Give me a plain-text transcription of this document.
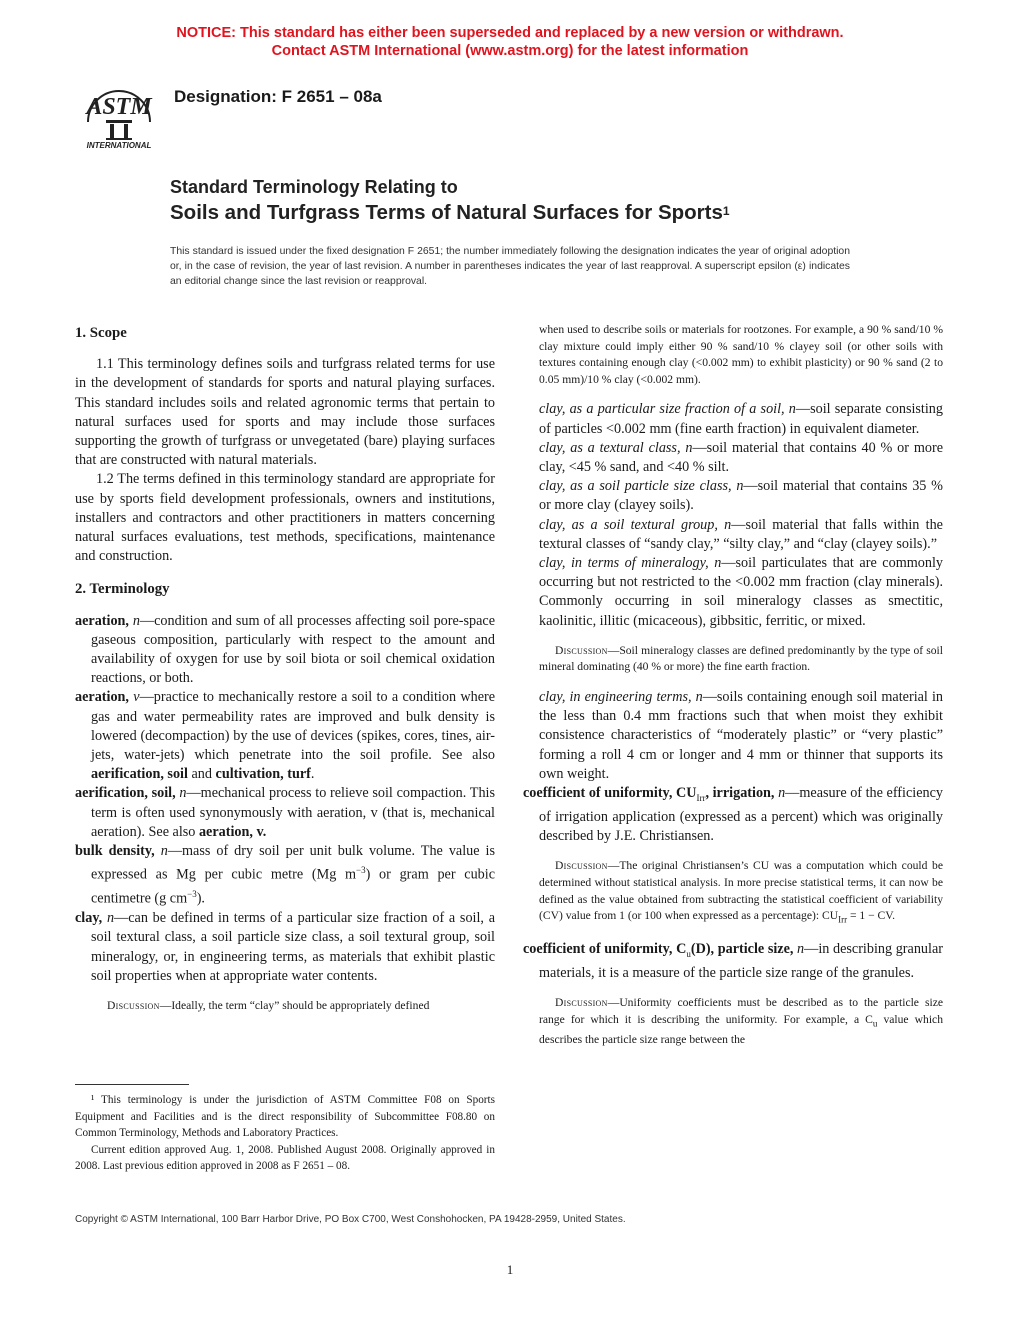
NOTICE: This standard has either been superseded and replaced by a new version or withdrawn.
Contact ASTM International (www.astm.org) for the latest information
ASTM
INTERNATIONAL
Designation: F 2651 – 08a
Standard Terminology Relating to
Soils and Turfgrass Terms of Natural Surfaces for Sports$^1$
This standard is issued under the fixed designation F 2651; the number immediately following the designation indicates the year of original adoption or, in the case of revision, the year of last revision. A number in parentheses indicates the year of last reapproval. A superscript epsilon (ε) indicates an editorial change since the last revision or reapproval.
1. Scope

1.1 This terminology defines soils and turfgrass related terms for use in the development of standards for sports and natural playing surfaces. This standard includes soils and related agronomic terms that pertain to natural surfaces used for sports and may include those surfaces supporting the growth of turfgrass or unvegetated (bare) playing surfaces that are constructed with natural materials.

1.2 The terms defined in this terminology standard are appropriate for use by sports field development professionals, owners and institutions, installers and contractors and other practitioners in matters concerning natural surfaces evaluations, test methods, specifications, maintenance and construction.

2. Terminology

aeration, n—condition and sum of all processes affecting soil pore-space gaseous composition, particularly with respect to the amount and availability of oxygen for use by soil biota or soil chemical oxidation reactions, or both.

aeration, v—practice to mechanically restore a soil to a condition where gas and water permeability rates are improved and bulk density is lowered (decompaction) by the use of devices (spikes, cores, tines, air-jets, water-jets) which penetrate into the soil profile. See also aerification, soil and cultivation, turf.

aerification, soil, n—mechanical process to relieve soil compaction. This term is often used synonymously with aeration, v (that is, mechanical aeration). See also aeration, v.

bulk density, n—mass of dry soil per unit bulk volume. The value is expressed as Mg per cubic metre (Mg $m^{-3}$) or gram per cubic centimetre (g $cm^{-3}$).

clay, n—can be defined in terms of a particular size fraction of a soil, a soil textural class, a soil particle size class, a soil textural group, soil mineralogy, or, in engineering terms, as materials that exhibit plastic soil properties when at appropriate water contents.

Discussion—Ideally, the term “clay” should be appropriately defined

¹ This terminology is under the jurisdiction of ASTM Committee F08 on Sports Equipment and Facilities and is the direct responsibility of Subcommittee F08.80 on Common Terminology, Methods and Laboratory Practices.

Current edition approved Aug. 1, 2008. Published August 2008. Originally approved in 2008. Last previous edition approved in 2008 as F 2651 – 08.

when used to describe soils or materials for rootzones. For example, a 90 % sand/10 % clay mixture could imply either 90 % sand/10 % clayey soil (or other soils with textures containing enough clay (<0.002 mm) to exhibit plasticity) or 90 % sand (2 to 0.05 mm)/10 % clay (<0.002 mm).

clay, as a particular size fraction of a soil, n—soil separate consisting of particles <0.002 mm (fine earth fraction) in equivalent diameter.

clay, as a textural class, n—soil material that contains 40 % or more clay, <45 % sand, and <40 % silt.

clay, as a soil particle size class, n—soil material that contains 35 % or more clay (clayey soils).

clay, as a soil textural group, n—soil material that falls within the textural classes of “sandy clay,” “silty clay,” and “clay (clayey soils).”

clay, in terms of mineralogy, n—soil particulates that are commonly occurring but not restricted to the <0.002 mm fraction (clay minerals). Commonly occurring in soil mineralogy classes as smectitic, kaolinitic, illitic (micaceous), gibbsitic, ferritic, or mixed.

Discussion—Soil mineralogy classes are defined predominantly by the type of soil mineral dominating (40 % or more) the fine earth fraction.

clay, in engineering terms, n—soils containing enough soil material in the less than 0.4 mm fractions such that when moist they exhibit consistence characteristics of “moderately plastic” or “very plastic” forming a roll 4 cm or longer and 4 mm or thinner that supports its own weight.

coefficient of uniformity, $CU_{Irr}$, irrigation, n—measure of the efficiency of irrigation application (expressed as a percent) which was originally described by J.E. Christiansen.

Discussion—The original Christiansen’s CU was a computation which could be determined without statistical analysis. In more precise statistical terms, it can now be defined as the value obtained from subtracting the statistical coefficient of variability (CV) value from 1 (or 100 when expressed as a percentage): $CU_{Irr} = 1$ − CV.

coefficient of uniformity, $C_u(D)$, particle size, n—in describing granular materials, it is a measure of the particle size range of the granules.

Discussion—Uniformity coefficients must be described as to the particle size range for which it is describing the uniformity. For example, a $C_u$ value which describes the particle size range between the

Copyright © ASTM International, 100 Barr Harbor Drive, PO Box C700, West Conshohocken, PA 19428-2959, United States.
1
